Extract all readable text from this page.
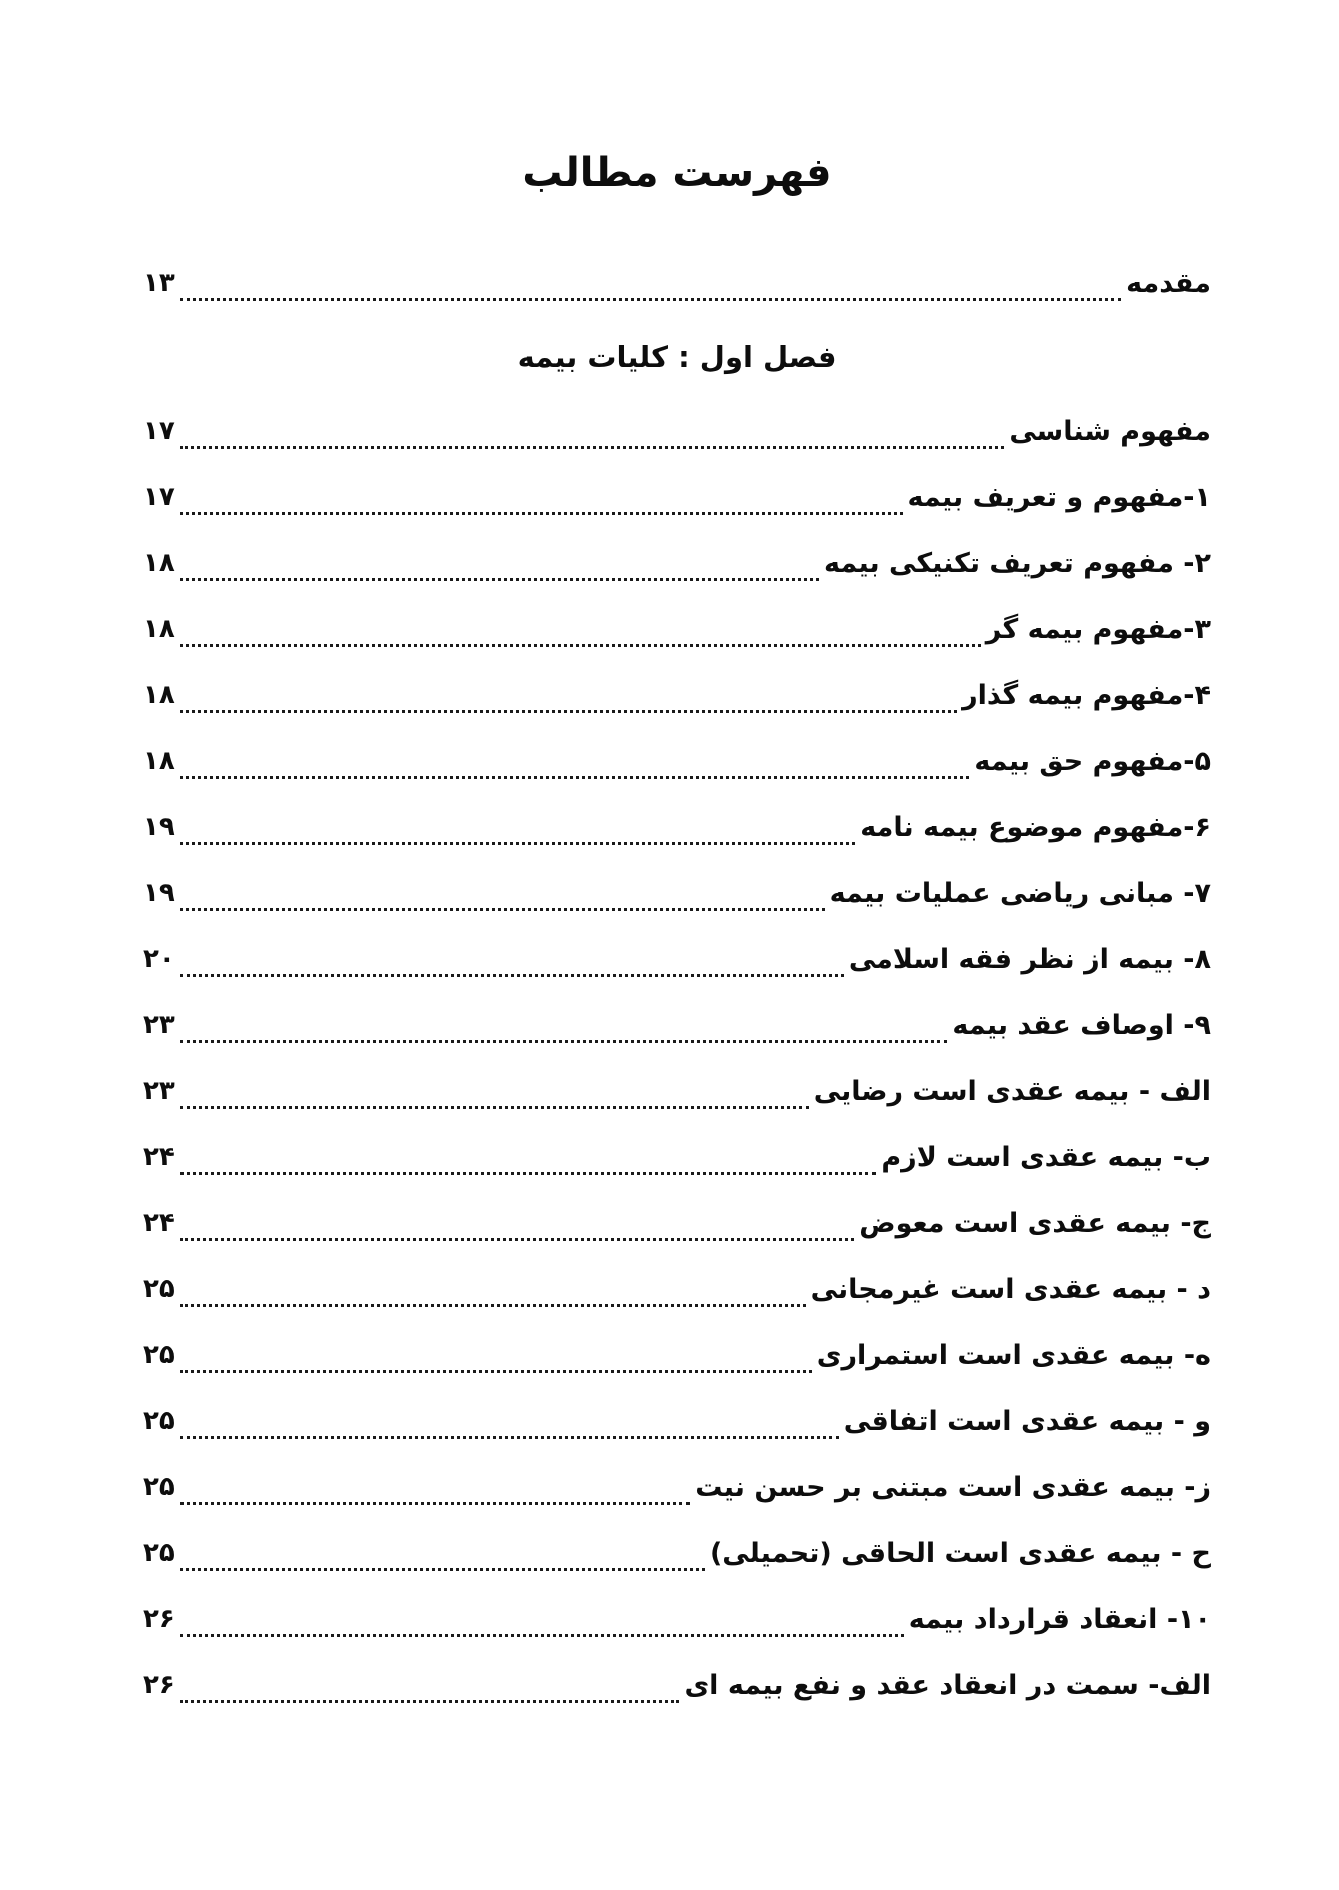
فهرست مطالب
مقدمه
۱۳
فصل اول : کلیات بیمه
مفهوم شناسی
۱۷
۱-مفهوم و تعریف بیمه
۱۷
۲- مفهوم تعریف تکنیکی بیمه
۱۸
۳-مفهوم بیمه گر
۱۸
۴-مفهوم بیمه گذار
۱۸
۵-مفهوم حق بیمه
۱۸
۶-مفهوم موضوع بیمه نامه
۱۹
۷- مبانی ریاضی عملیات بیمه
۱۹
۸- بیمه از نظر فقه اسلامی
۲۰
۹- اوصاف عقد بیمه
۲۳
الف - بیمه عقدی است رضایی
۲۳
ب- بیمه عقدی است لازم
۲۴
ج- بیمه عقدی است معوض
۲۴
د - بیمه عقدی است غیرمجانی
۲۵
ه- بیمه عقدی است استمراری
۲۵
و - بیمه عقدی است اتفاقی
۲۵
ز- بیمه عقدی است مبتنی بر حسن نیت
۲۵
ح - بیمه عقدی است الحاقی (تحمیلی)
۲۵
۱۰- انعقاد قرارداد بیمه
۲۶
الف- سمت در انعقاد عقد و نفع بیمه ای
۲۶
